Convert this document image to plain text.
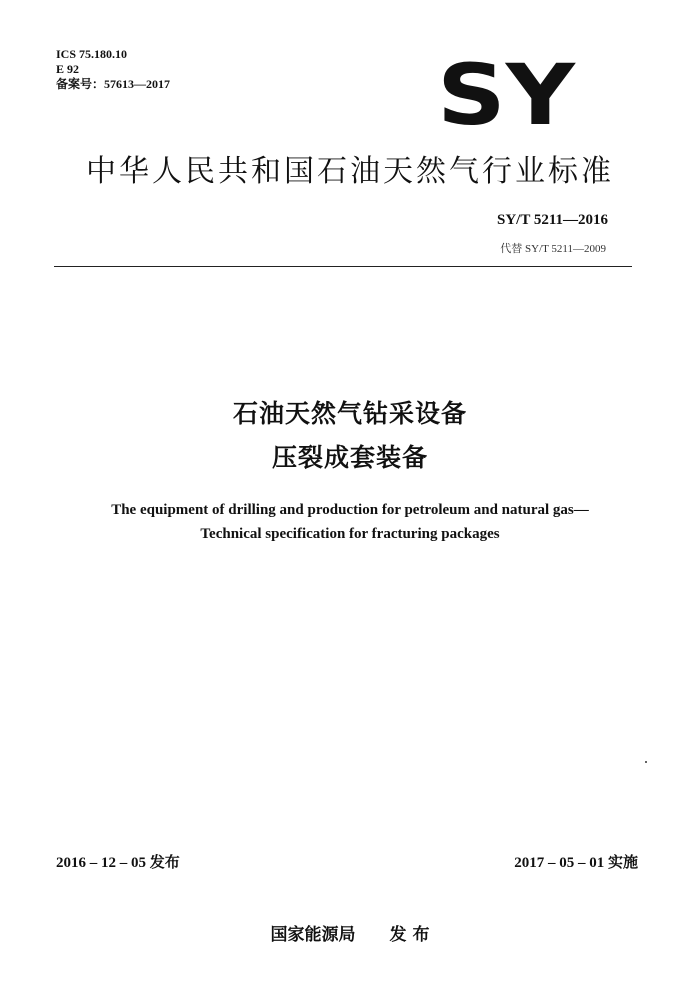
ICS 75.180.10
E 92
备案号：57613—2017	SY
中华人民共和国石油天然气行业标准
SY/T 5211—2016
代替 SY/T 5211—2009
石油天然气钻采设备
压裂成套装备
The equipment of drilling and production for petroleum and natural gas—
Technical specification for fracturing packages
2016 – 12 – 05 发布	2017 – 05 – 01 实施
国家能源局 发 布
